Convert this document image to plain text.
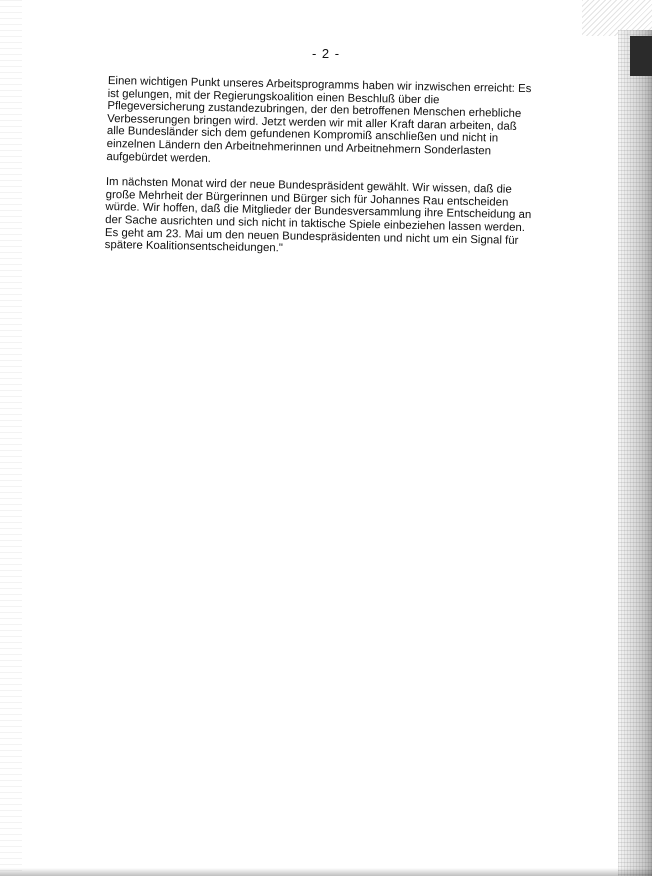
- 2 -

Einen wichtigen Punkt unseres Arbeitsprogramms haben wir inzwischen erreicht: Es ist gelungen, mit der Regierungskoalition einen Beschluß über die Pflegeversicherung zustandezubringen, der den betroffenen Menschen erhebliche Verbesserungen bringen wird. Jetzt werden wir mit aller Kraft daran arbeiten, daß alle Bundesländer sich dem gefundenen Kompromiß anschließen und nicht in einzelnen Ländern den Arbeitnehmerinnen und Arbeitnehmern Sonderlasten aufgebürdet werden.

Im nächsten Monat wird der neue Bundespräsident gewählt. Wir wissen, daß die große Mehrheit der Bürgerinnen und Bürger sich für Johannes Rau entscheiden würde. Wir hoffen, daß die Mitglieder der Bundesversammlung ihre Entscheidung an der Sache ausrichten und sich nicht in taktische Spiele einbeziehen lassen werden. Es geht am 23. Mai um den neuen Bundespräsidenten und nicht um ein Signal für spätere Koalitionsentscheidungen."
